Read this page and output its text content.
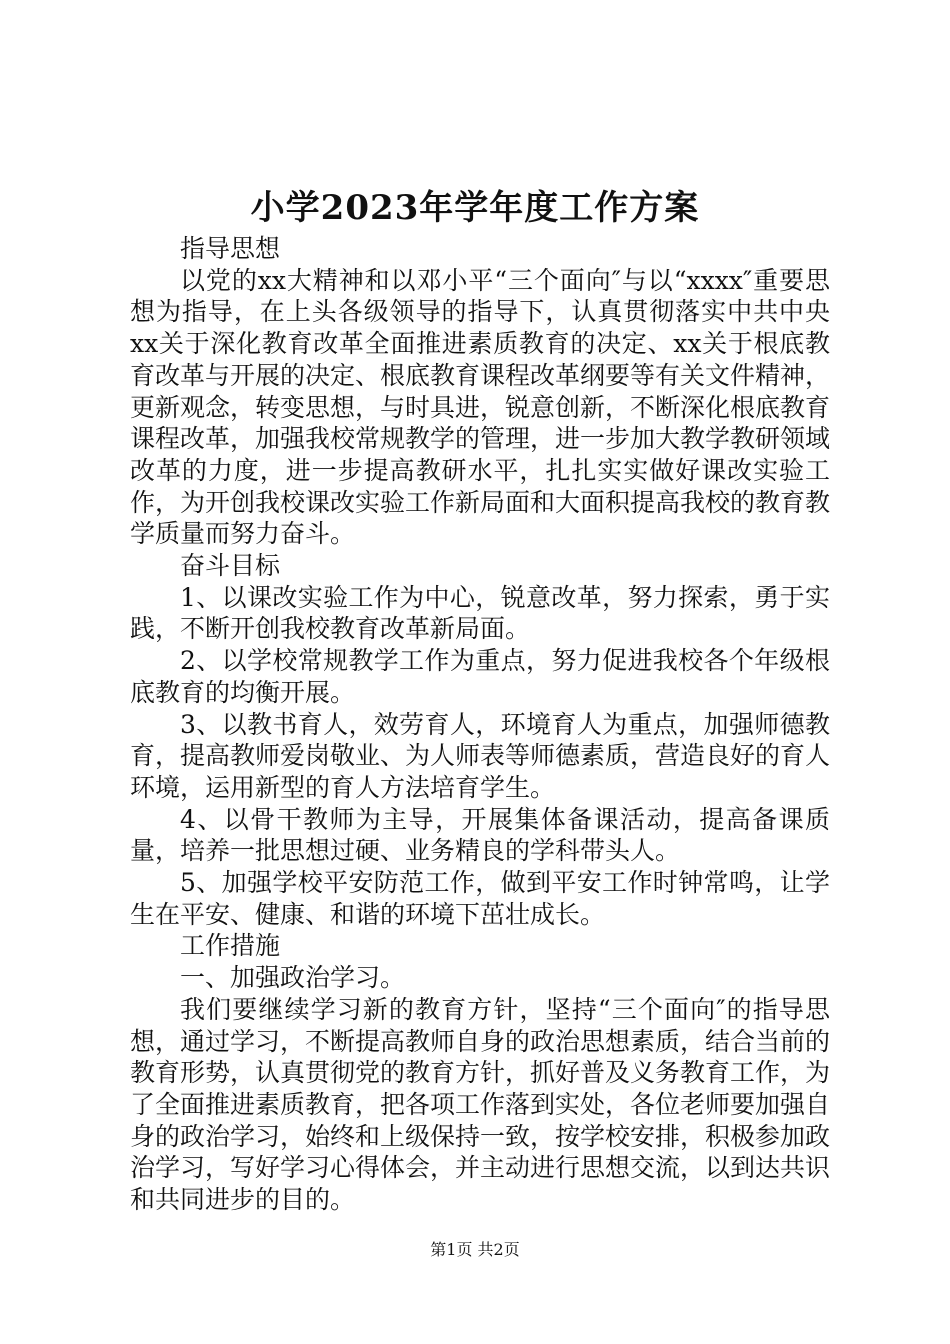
小学2023年学年度工作方案

指导思想

以党的xx大精神和以邓小平“三个面向″与以“xxxx″重要思想为指导，在上头各级领导的指导下，认真贯彻落实中共中央xx关于深化教育改革全面推进素质教育的决定、xx关于根底教育改革与开展的决定、根底教育课程改革纲要等有关文件精神，更新观念，转变思想，与时具进，锐意创新，不断深化根底教育课程改革，加强我校常规教学的管理，进一步加大教学教研领域改革的力度，进一步提高教研水平，扎扎实实做好课改实验工作，为开创我校课改实验工作新局面和大面积提高我校的教育教学质量而努力奋斗。

奋斗目标

1、以课改实验工作为中心，锐意改革，努力探索，勇于实践，不断开创我校教育改革新局面。

2、以学校常规教学工作为重点，努力促进我校各个年级根底教育的均衡开展。

3、以教书育人，效劳育人，环境育人为重点，加强师德教育，提高教师爱岗敬业、为人师表等师德素质，营造良好的育人环境，运用新型的育人方法培育学生。

4、以骨干教师为主导，开展集体备课活动，提高备课质量，培养一批思想过硬、业务精良的学科带头人。

5、加强学校平安防范工作，做到平安工作时钟常鸣，让学生在平安、健康、和谐的环境下茁壮成长。

工作措施

一、加强政治学习。

我们要继续学习新的教育方针，坚持“三个面向″的指导思想，通过学习，不断提高教师自身的政治思想素质，结合当前的教育形势，认真贯彻党的教育方针，抓好普及义务教育工作，为了全面推进素质教育，把各项工作落到实处，各位老师要加强自身的政治学习，始终和上级保持一致，按学校安排，积极参加政治学习，写好学习心得体会，并主动进行思想交流，以到达共识和共同进步的目的。

第1页 共2页
